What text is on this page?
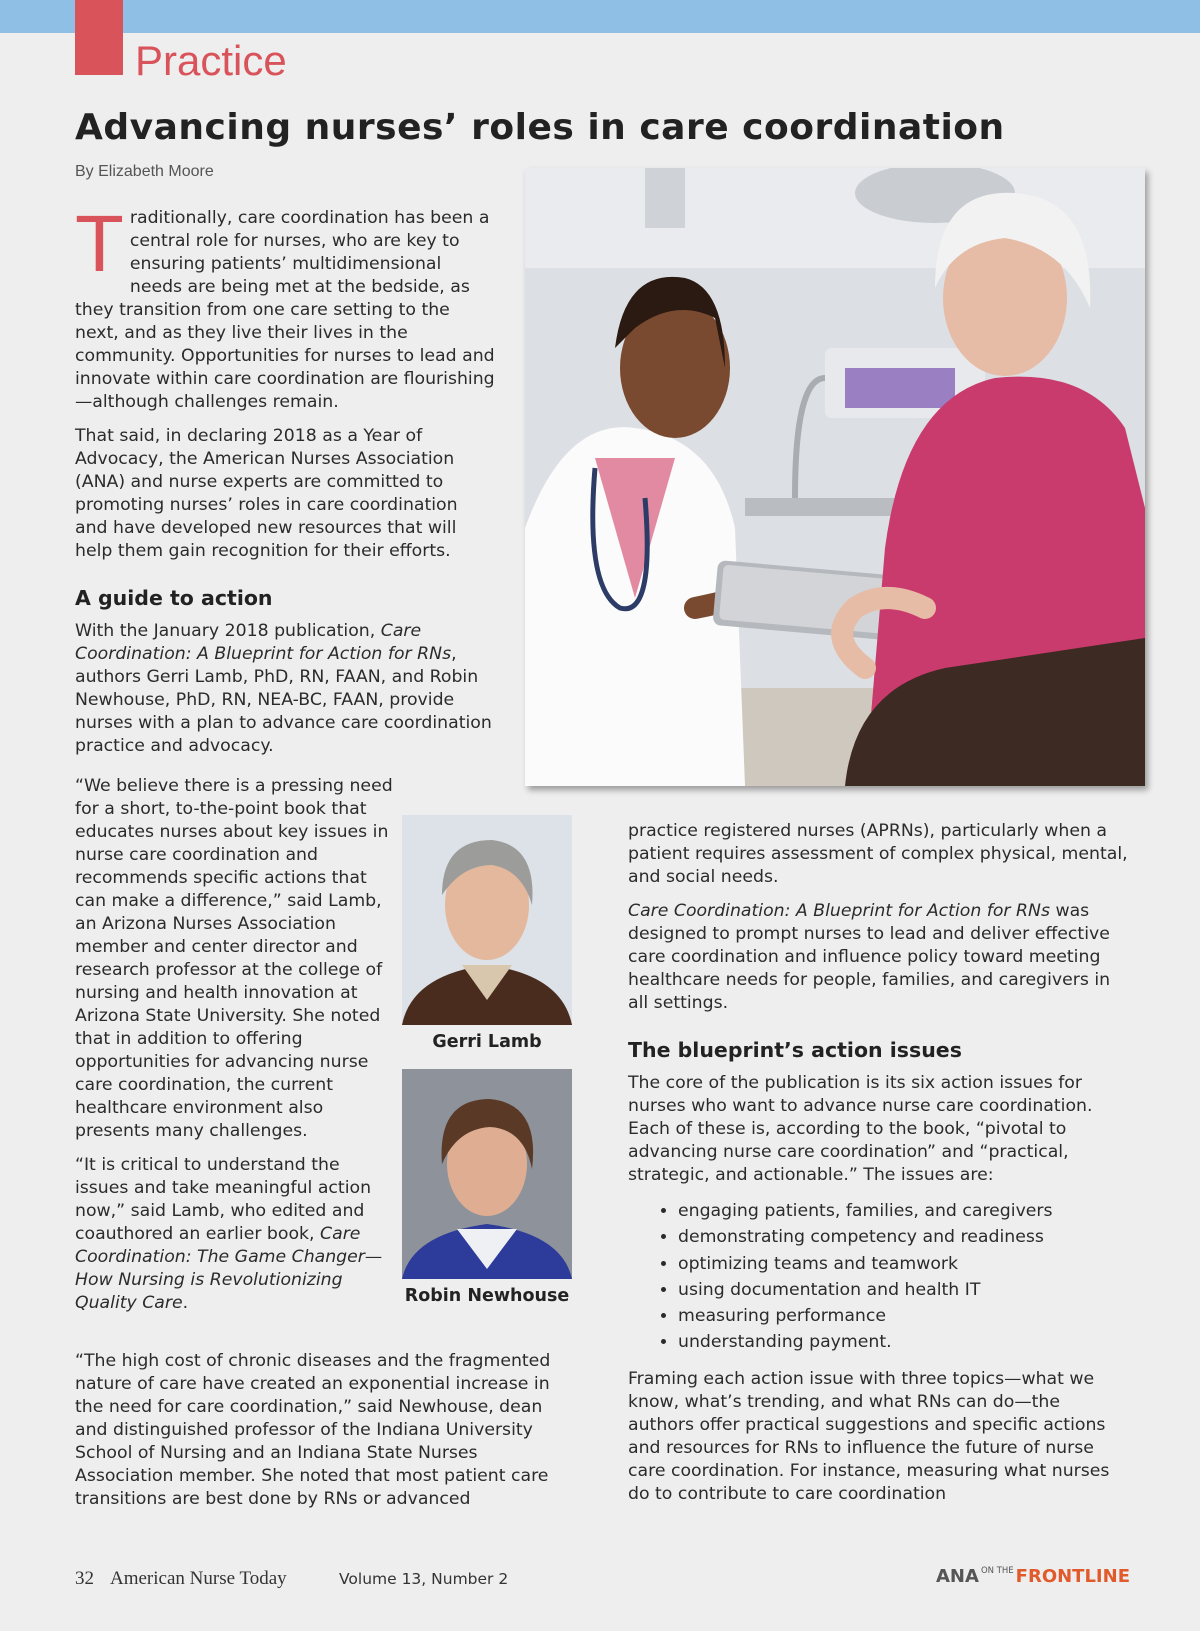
Practice
Advancing nurses’ roles in care coordination
By Elizabeth Moore

Traditionally, care coordination has been a central role for nurses, who are key to ensuring patients’ multidimensional needs are being met at the bedside, as they transition from one care setting to the next, and as they live their lives in the community. Opportunities for nurses to lead and innovate within care coordination are flourishing—although challenges remain.

That said, in declaring 2018 as a Year of Advocacy, the American Nurses Association (ANA) and nurse experts are committed to promoting nurses’ roles in care coordination and have developed new resources that will help them gain recognition for their efforts.

A guide to action

With the January 2018 publication, Care Coordination: A Blueprint for Action for RNs, authors Gerri Lamb, PhD, RN, FAAN, and Robin Newhouse, PhD, RN, NEA-BC, FAAN, provide nurses with a plan to advance care coordination practice and advocacy.

“We believe there is a pressing need for a short, to-the-point book that educates nurses about key issues in nurse care coordination and recommends specific actions that can make a difference,” said Lamb, an Arizona Nurses Association member and center director and research professor at the college of nursing and health innovation at Arizona State University. She noted that in addition to offering opportunities for advancing nurse care coordination, the current healthcare environment also presents many challenges.

“It is critical to understand the issues and take meaningful action now,” said Lamb, who edited and coauthored an earlier book, Care Coordination: The Game Changer—How Nursing is Revolutionizing Quality Care.

“The high cost of chronic diseases and the fragmented nature of care have created an exponential increase in the need for care coordination,” said Newhouse, dean and distinguished professor of the Indiana University School of Nursing and an Indiana State Nurses Association member. She noted that most patient care transitions are best done by RNs or advanced

Gerri Lamb
Robin Newhouse

practice registered nurses (APRNs), particularly when a patient requires assessment of complex physical, mental, and social needs.

Care Coordination: A Blueprint for Action for RNs was designed to prompt nurses to lead and deliver effective care coordination and influence policy toward meeting healthcare needs for people, families, and caregivers in all settings.

The blueprint’s action issues

The core of the publication is its six action issues for nurses who want to advance nurse care coordination. Each of these is, according to the book, “pivotal to advancing nurse care coordination” and “practical, strategic, and actionable.” The issues are:

• engaging patients, families, and caregivers
• demonstrating competency and readiness
• optimizing teams and teamwork
• using documentation and health IT
• measuring performance
• understanding payment.

Framing each action issue with three topics—what we know, what’s trending, and what RNs can do—the authors offer practical suggestions and specific actions and resources for RNs to influence the future of nurse care coordination. For instance, measuring what nurses do to contribute to care coordination

32 American Nurse Today	Volume 13, Number 2	ANA $^{ON THE}$ FRONTLINE
